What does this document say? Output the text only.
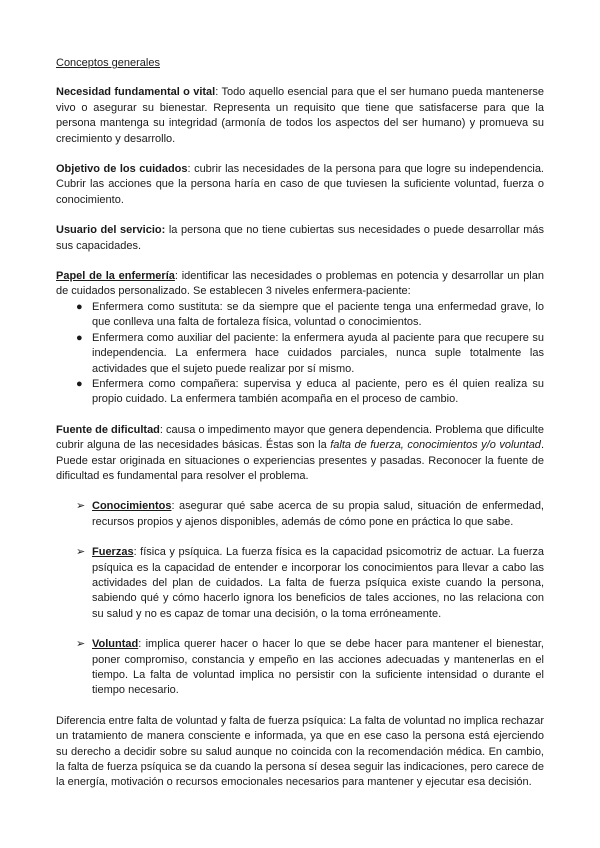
Conceptos generales

Necesidad fundamental o vital: Todo aquello esencial para que el ser humano pueda mantenerse vivo o asegurar su bienestar. Representa un requisito que tiene que satisfacerse para que la persona mantenga su integridad (armonía de todos los aspectos del ser humano) y promueva su crecimiento y desarrollo.

Objetivo de los cuidados: cubrir las necesidades de la persona para que logre su independencia. Cubrir las acciones que la persona haría en caso de que tuviesen la suficiente voluntad, fuerza o conocimiento.

Usuario del servicio: la persona que no tiene cubiertas sus necesidades o puede desarrollar más sus capacidades.

Papel de la enfermería: identificar las necesidades o problemas en potencia y desarrollar un plan de cuidados personalizado. Se establecen 3 niveles enfermera-paciente:

● Enfermera como sustituta: se da siempre que el paciente tenga una enfermedad grave, lo que conlleva una falta de fortaleza física, voluntad o conocimientos.
● Enfermera como auxiliar del paciente: la enfermera ayuda al paciente para que recupere su independencia. La enfermera hace cuidados parciales, nunca suple totalmente las actividades que el sujeto puede realizar por sí mismo.
● Enfermera como compañera: supervisa y educa al paciente, pero es él quien realiza su propio cuidado. La enfermera también acompaña en el proceso de cambio.

Fuente de dificultad: causa o impedimento mayor que genera dependencia. Problema que dificulte cubrir alguna de las necesidades básicas. Éstas son la falta de fuerza, conocimientos y/o voluntad. Puede estar originada en situaciones o experiencias presentes y pasadas. Reconocer la fuente de dificultad es fundamental para resolver el problema.

➢ Conocimientos: asegurar qué sabe acerca de su propia salud, situación de enfermedad, recursos propios y ajenos disponibles, además de cómo pone en práctica lo que sabe.
➢ Fuerzas: física y psíquica. La fuerza física es la capacidad psicomotriz de actuar. La fuerza psíquica es la capacidad de entender e incorporar los conocimientos para llevar a cabo las actividades del plan de cuidados. La falta de fuerza psíquica existe cuando la persona, sabiendo qué y cómo hacerlo ignora los beneficios de tales acciones, no las relaciona con su salud y no es capaz de tomar una decisión, o la toma erróneamente.
➢ Voluntad: implica querer hacer o hacer lo que se debe hacer para mantener el bienestar, poner compromiso, constancia y empeño en las acciones adecuadas y mantenerlas en el tiempo. La falta de voluntad implica no persistir con la suficiente intensidad o durante el tiempo necesario.

Diferencia entre falta de voluntad y falta de fuerza psíquica: La falta de voluntad no implica rechazar un tratamiento de manera consciente e informada, ya que en ese caso la persona está ejerciendo su derecho a decidir sobre su salud aunque no coincida con la recomendación médica. En cambio, la falta de fuerza psíquica se da cuando la persona sí desea seguir las indicaciones, pero carece de la energía, motivación o recursos emocionales necesarios para mantener y ejecutar esa decisión.
